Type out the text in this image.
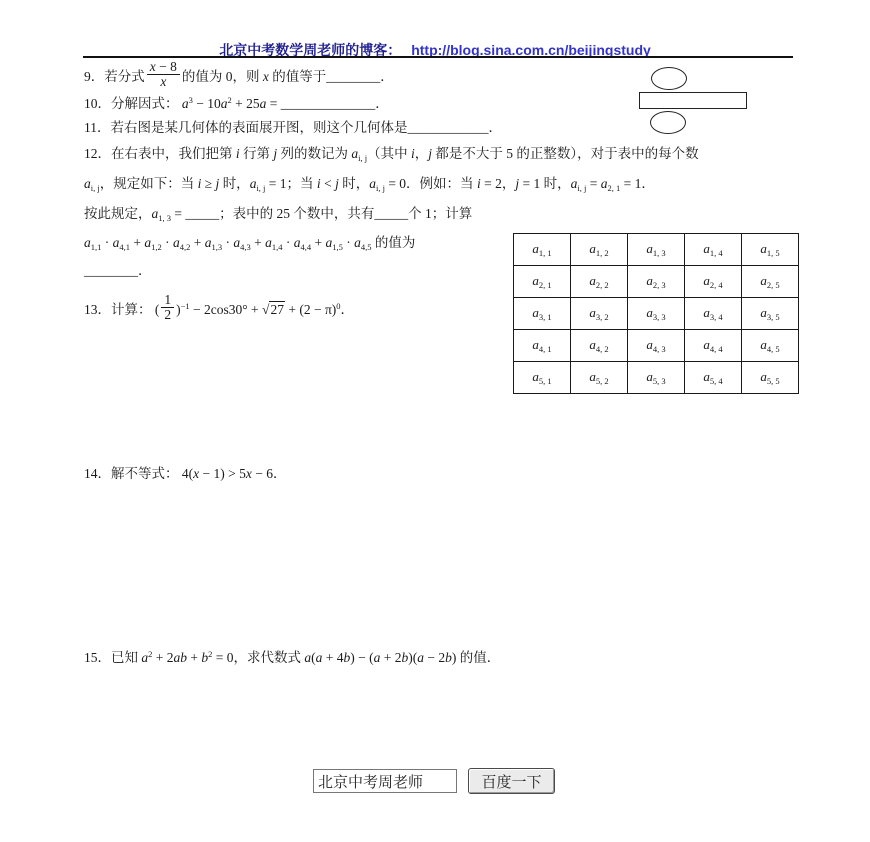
北京中考数学周老师的博客： http://blog.sina.com.cn/beijingstudy
9．若分式 $\frac{x - 8}{x}$ 的值为 0，则 x 的值等于________．
10．分解因式： $a^3 - 10a^2 + 25a$ = ______________．
11．若右图是某几何体的表面展开图，则这个几何体是____________．
12．在右表中，我们把第 i 行第 j 列的数记为 $a_{i, j}$（其中 i，j 都是不大于 5 的正整数），对于表中的每个数
$a_{i, j}$，规定如下：当 i ≥ j 时，$a_{i, j} = 1$；当 i < j 时，$a_{i, j} = 0$．例如：当 i = 2，j = 1 时，$a_{i, j} = a_{2, 1} = 1$．
按此规定，$a_{1, 3}$ = _____；表中的 25 个数中，共有_____个 1；计算
$a_{1,1} \cdot a_{4,1} + a_{1,2} \cdot a_{4,2} + a_{1,3} \cdot a_{4,3} + a_{1,4} \cdot a_{4,4} + a_{1,5} \cdot a_{4,5}$ 的值为
________．
$a_{1, 1}$	$a_{1, 2}$	$a_{1, 3}$	$a_{1, 4}$	$a_{1, 5}$
$a_{2, 1}$	$a_{2, 2}$	$a_{2, 3}$	$a_{2, 4}$	$a_{2, 5}$
$a_{3, 1}$	$a_{3, 2}$	$a_{3, 3}$	$a_{3, 4}$	$a_{3, 5}$
$a_{4, 1}$	$a_{4, 2}$	$a_{4, 3}$	$a_{4, 4}$	$a_{4, 5}$
$a_{5, 1}$	$a_{5, 2}$	$a_{5, 3}$	$a_{5, 4}$	$a_{5, 5}$
13．计算： ( $\frac{1}{2} )^{-1} - 2\cos 30^\circ + √27 + (2 - \pi)^0$．
14．解不等式： 4(x − 1) > 5x − 6．
15．已知 $a^2 + 2ab + b^2 = 0$，求代数式 a(a + 4b) − (a + 2b)(a − 2b) 的值．
北京中考周老师
百度一下
